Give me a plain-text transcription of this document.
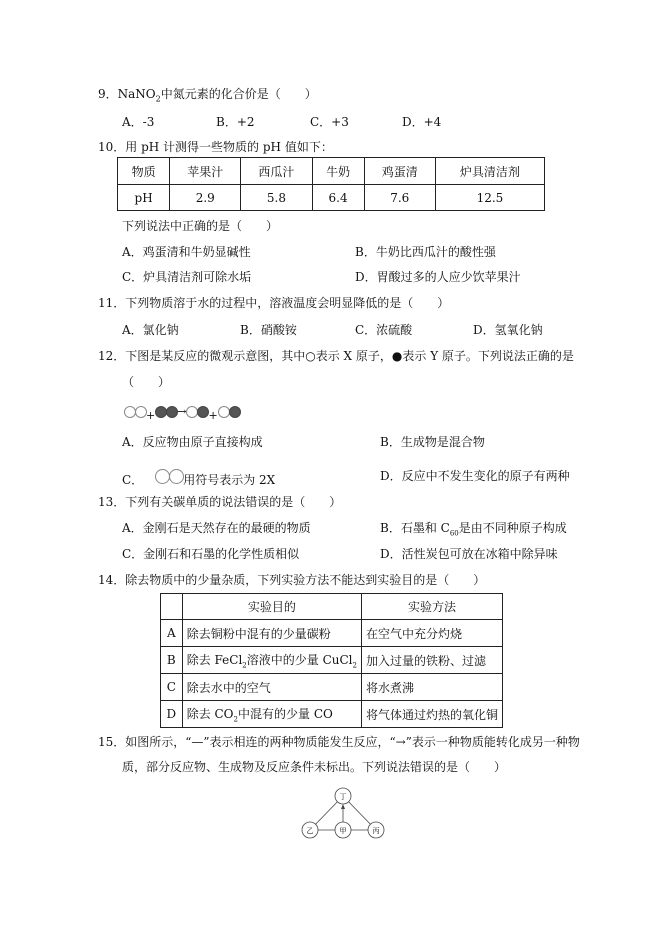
9．NaNO$_2$中氮元素的化合价是（　　）
A．-3	B．+2	C．+3	D．+4
10．用 pH 计测得一些物质的 pH 值如下：
物质	苹果汁	西瓜汁	牛奶	鸡蛋清	炉具清洁剂
pH	2.9	5.8	6.4	7.6	12.5
下列说法中正确的是（　　）
A．鸡蛋清和牛奶显碱性	B．牛奶比西瓜汁的酸性强
C．炉具清洁剂可除水垢	D．胃酸过多的人应少饮苹果汁
11．下列物质溶于水的过程中，溶液温度会明显降低的是（　　）
A．氯化钠	B．硝酸铵	C．浓硫酸	D．氢氧化钠
12．下图是某反应的微观示意图，其中○表示 X 原子，●表示 Y 原子。下列说法正确的是
（　　）
+ → +
A．反应物由原子直接构成	B．生成物是混合物
C．	用符号表示为 2X	D．反应中不发生变化的原子有两种
13．下列有关碳单质的说法错误的是（　　）
A．金刚石是天然存在的最硬的物质	B．石墨和 $C_{60}$是由不同种原子构成
C．金刚石和石墨的化学性质相似	D．活性炭包可放在冰箱中除异味
14．除去物质中的少量杂质，下列实验方法不能达到实验目的是（　　）
	实验目的	实验方法
A	除去铜粉中混有的少量碳粉	在空气中充分灼烧
B	除去 FeCl$_2$溶液中的少量 CuCl$_2$	加入过量的铁粉、过滤
C	除去水中的空气	将水煮沸
D	除去 $CO_2$中混有的少量 CO	将气体通过灼热的氧化铜
15．如图所示，“—”表示相连的两种物质能发生反应，“→”表示一种物质能转化成另一种物
质，部分反应物、生成物及反应条件未标出。下列说法错误的是（　　）
丁
乙	甲	丙
